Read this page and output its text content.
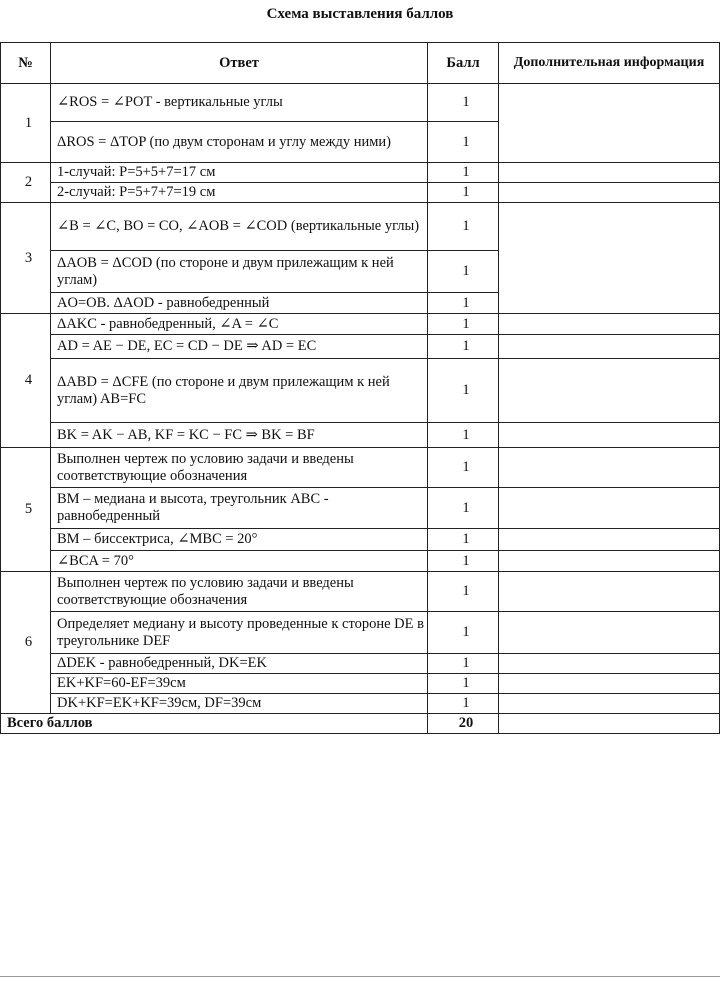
Схема выставления баллов
№	Ответ	Балл	Дополнительная информация
1	∠ROS = ∠POT - вертикальные углы	1	
	ΔROS = ΔTOP (по двум сторонам и углу между ними)	1	
2	1-случай: P=5+5+7=17 см	1	
	2-случай: P=5+7+7=19 см	1	
3	∠B = ∠C, BO = CO, ∠AOB = ∠COD (вертикальные углы)	1	
	ΔAOB = ΔCOD (по стороне и двум прилежащим к ней углам)	1	
	AO=OB. ΔAOD - равнобедренный	1	
4	ΔAKC - равнобедренный, ∠A = ∠C	1	
	AD = AE − DE, EC = CD − DE ⇒ AD = EC	1	
	ΔABD = ΔCFE (по стороне и двум прилежащим к ней углам) AB=FC	1	
	BK = AK − AB, KF = KC − FC ⇒ BK = BF	1	
5	Выполнен чертеж по условию задачи и введены соответствующие обозначения	1	
	BM – медиана и высота, треугольник ABC - равнобедренный	1	
	BM – биссектриса, ∠MBC = 20°	1	
	∠BCA = 70°	1	
6	Выполнен чертеж по условию задачи и введены соответствующие обозначения	1	
	Определяет медиану и высоту проведенные к стороне DE в треугольнике DEF	1	
	ΔDEK - равнобедренный, DK=EK	1	
	EK+KF=60-EF=39см	1	
	DK+KF=EK+KF=39см, DF=39см	1	
Всего баллов		20	
